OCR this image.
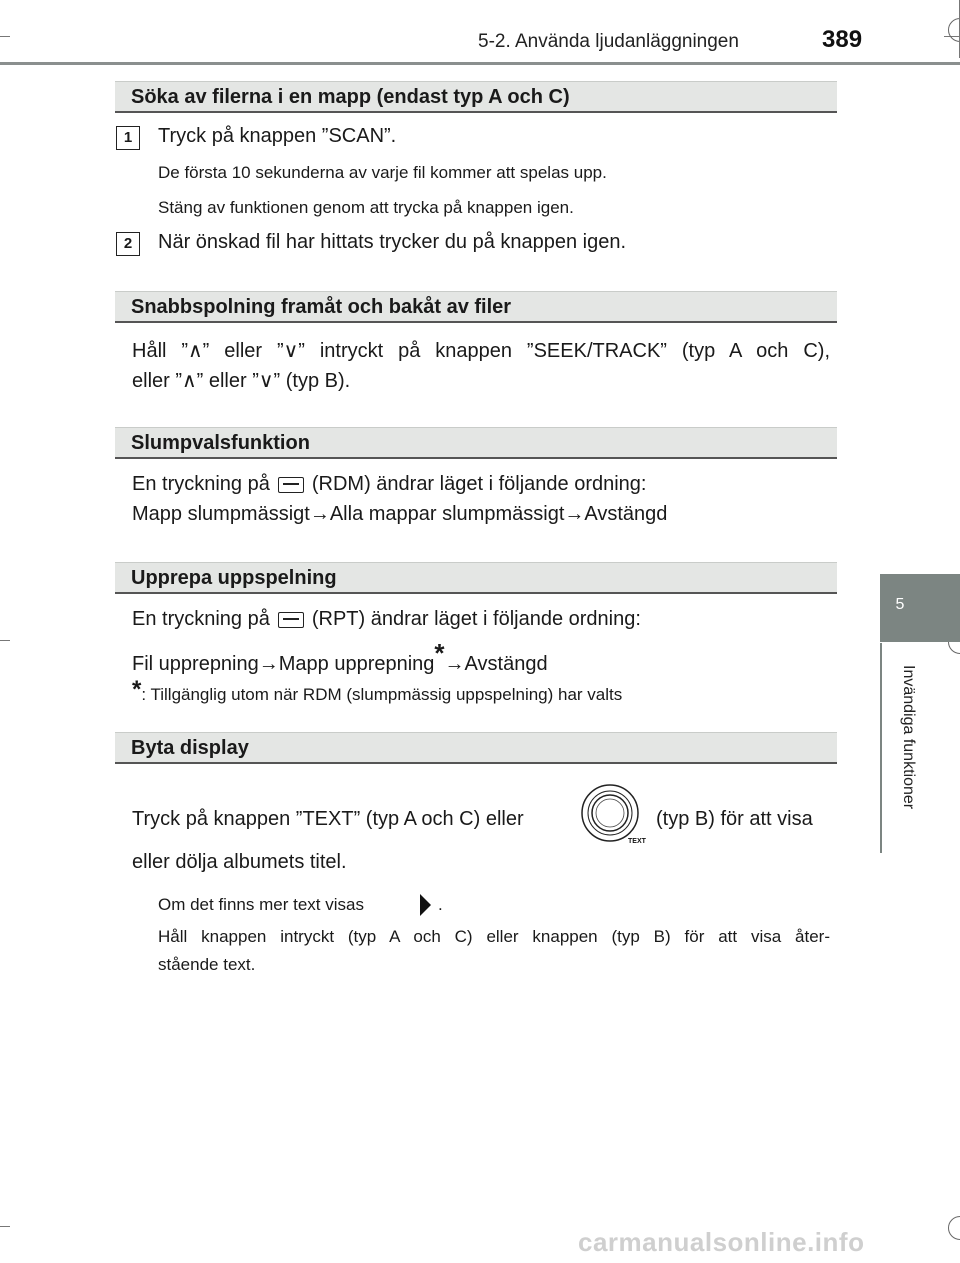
5-2. Använda ljudanläggningen	389
5
Invändiga funktioner
Söka av filerna i en mapp (endast typ A och C)
1	Tryck på knappen ”SCAN”.
De första 10 sekunderna av varje fil kommer att spelas upp.
Stäng av funktionen genom att trycka på knappen igen.
2	När önskad fil har hittats trycker du på knappen igen.
Snabbspolning framåt och bakåt av filer
Håll ”∧” eller ”∨” intryckt på knappen ”SEEK/TRACK” (typ A och C),
eller ”∧” eller ”∨” (typ B).
Slumpvalsfunktion
En tryckning på (RDM) ändrar läget i följande ordning:
Mapp slumpmässigt→Alla mappar slumpmässigt→Avstängd
Upprepa uppspelning
En tryckning på (RPT) ändrar läget i följande ordning:
Fil upprepning→Mapp upprepning*→Avstängd
*: Tillgänglig utom när RDM (slumpmässig uppspelning) har valts
Byta display
Tryck på knappen ”TEXT” (typ A och C) eller
TEXT
(typ B) för att visa
eller dölja albumets titel.
Om det finns mer text visas	.
Håll knappen intryckt (typ A och C) eller knappen (typ B) för att visa åter-
stående text.
carmanualsonline.info
